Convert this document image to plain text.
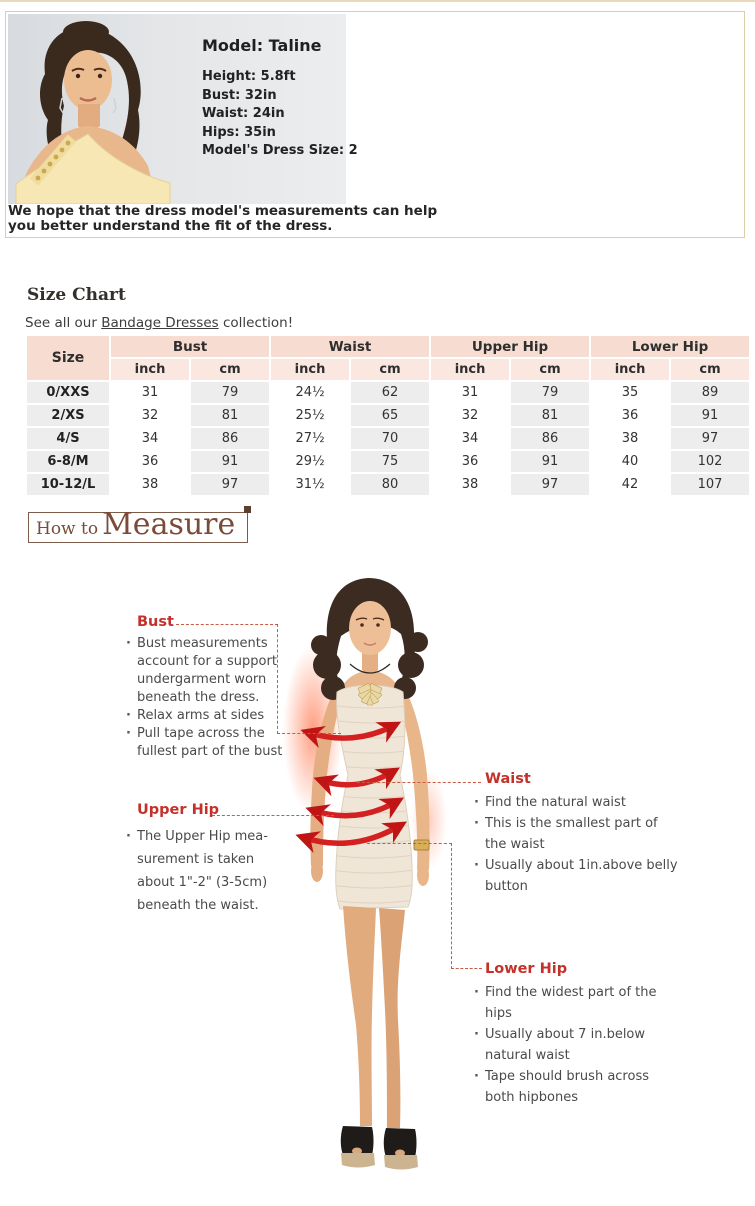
Model: Taline
Height: 5.8ft
Bust: 32in
Waist: 24in
Hips: 35in
Model's Dress Size: 2
We hope that the dress model's measurements can help you better understand the fit of the dress.
Size Chart
See all our Bandage Dresses collection!
Size	Bust		Waist		Upper Hip		Lower Hip	
	inch	cm	inch	cm	inch	cm	inch	cm
0/XXS	31	79	24½	62	31	79	35	89
2/XS	32	81	25½	65	32	81	36	91
4/S	34	86	27½	70	34	86	38	97
6-8/M	36	91	29½	75	36	91	40	102
10-12/L	38	97	31½	80	38	97	42	107
How to Measure
Bust
· Bust measurements account for a support undergarment worn beneath the dress.
· Relax arms at sides
· Pull tape across the fullest part of the bust
Upper Hip
· The Upper Hip mea-surement is taken about 1"-2" (3-5cm) beneath the waist.
Waist
· Find the natural waist
· This is the smallest part of the waist
· Usually about 1in.above belly button
Lower Hip
· Find the widest part of the hips
· Usually about 7 in.below natural waist
· Tape should brush across both hipbones
